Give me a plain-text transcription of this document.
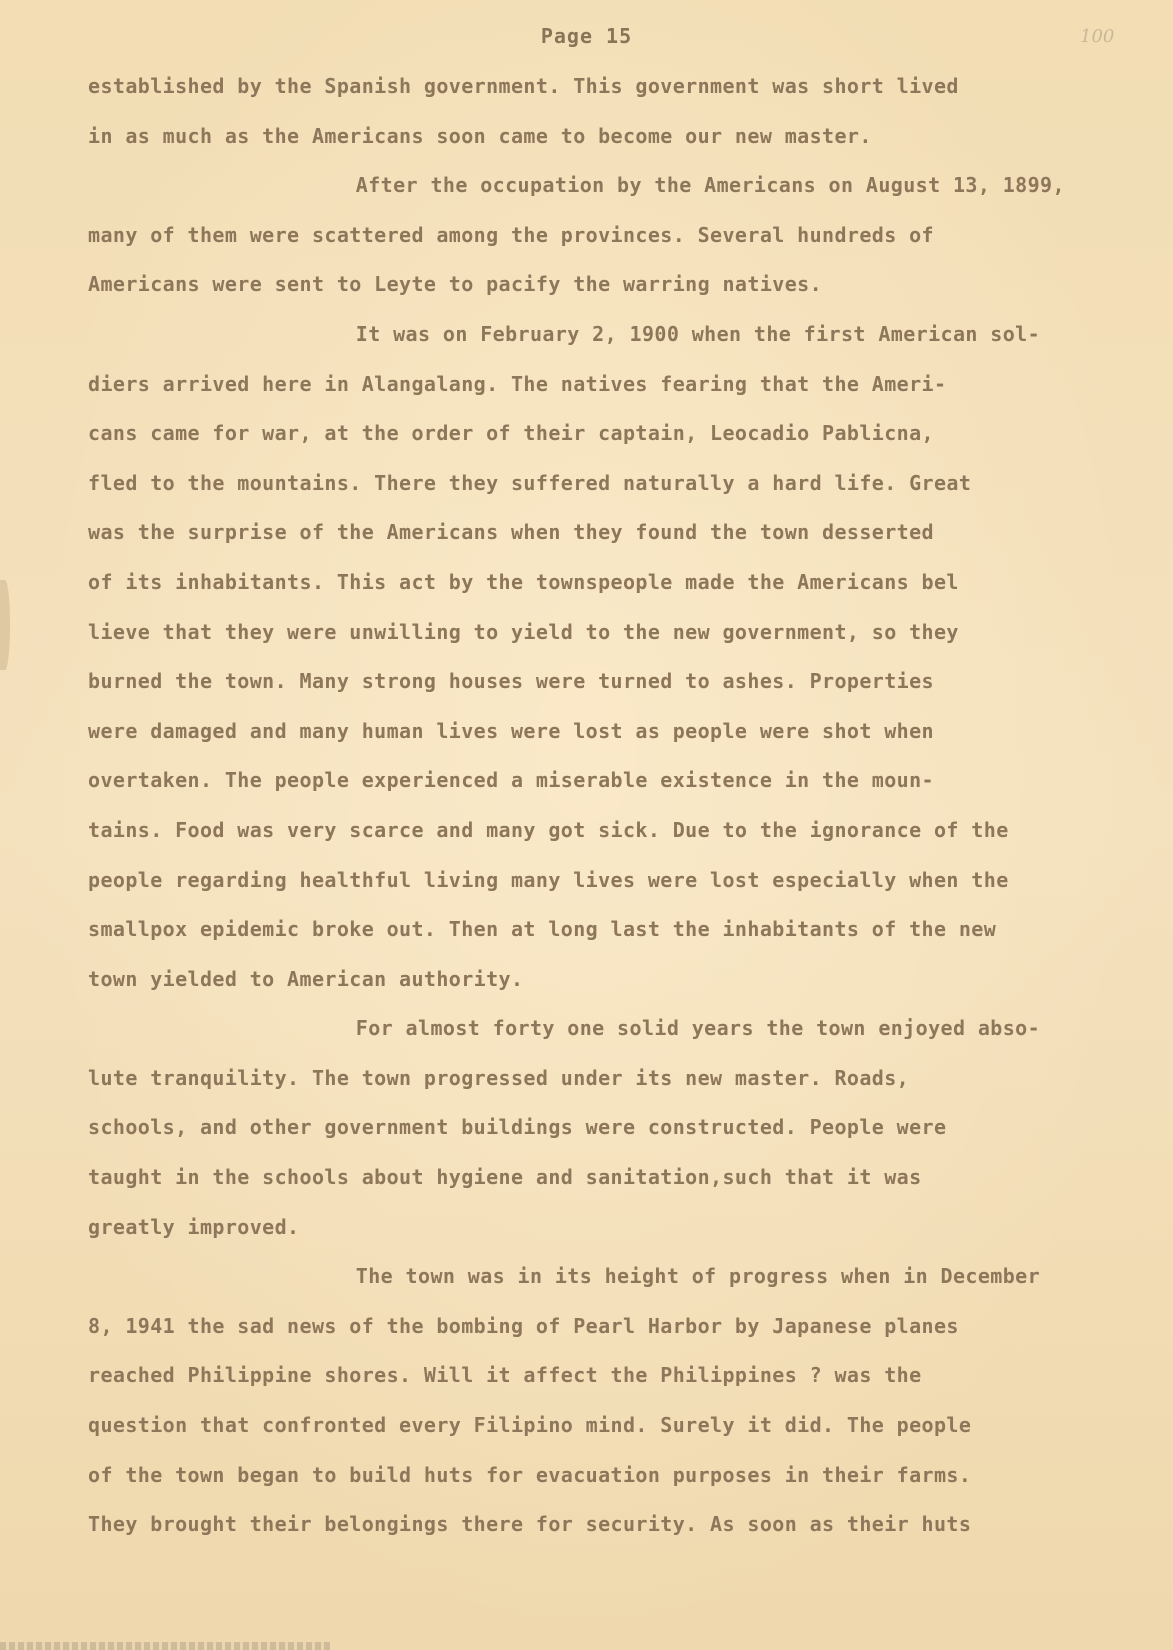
Page 15	100
established by the Spanish government. This government was short lived
in as much as the Americans soon came to become our new master.
After the occupation by the Americans on August 13, 1899,
many of them were scattered among the provinces. Several hundreds of
Americans were sent to Leyte to pacify the warring natives.
It was on February 2, 1900 when the first American sol-
diers arrived here in Alangalang. The natives fearing that the Ameri-
cans came for war, at the order of their captain, Leocadio Pablicna,
fled to the mountains. There they suffered naturally a hard life. Great
was the surprise of the Americans when they found the town desserted
of its inhabitants. This act by the townspeople made the Americans bel
lieve that they were unwilling to yield to the new government, so they
burned the town. Many strong houses were turned to ashes. Properties
were damaged and many human lives were lost as people were shot when
overtaken. The people experienced a miserable existence in the moun-
tains. Food was very scarce and many got sick. Due to the ignorance of the
people regarding healthful living many lives were lost especially when the
smallpox epidemic broke out. Then at long last the inhabitants of the new
town yielded to American authority.
For almost forty one solid years the town enjoyed abso-
lute tranquility. The town progressed under its new master. Roads,
schools, and other government buildings were constructed. People were
taught in the schools about hygiene and sanitation,such that it was
greatly improved.
The town was in its height of progress when in December
8, 1941 the sad news of the bombing of Pearl Harbor by Japanese planes
reached Philippine shores. Will it affect the Philippines ? was the
question that confronted every Filipino mind. Surely it did. The people
of the town began to build huts for evacuation purposes in their farms.
They brought their belongings there for security. As soon as their huts
